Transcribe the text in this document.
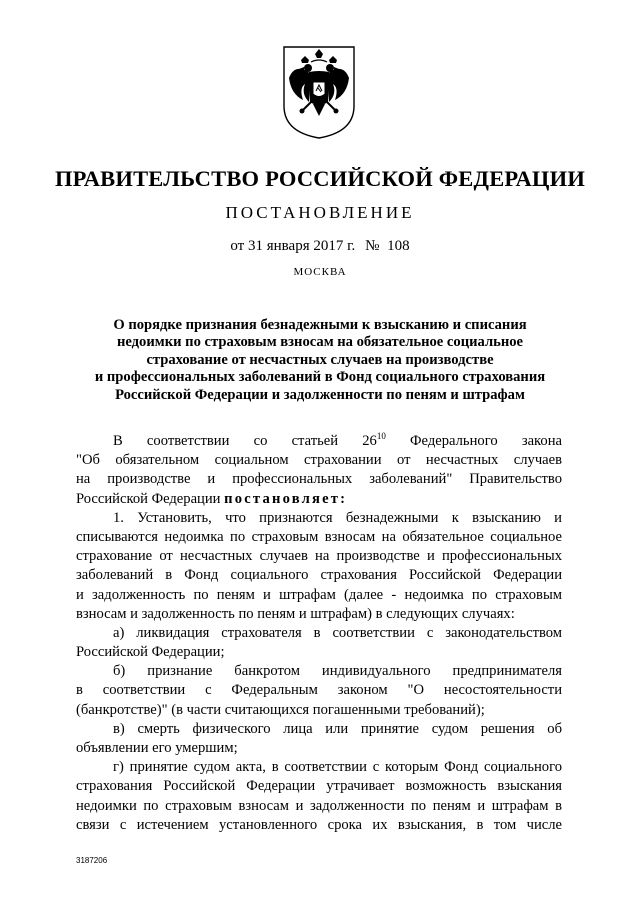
ПРАВИТЕЛЬСТВО РОССИЙСКОЙ ФЕДЕРАЦИИ
ПОСТАНОВЛЕНИЕ
от 31 января 2017 г. № 108
МОСКВА
О порядке признания безнадежными к взысканию и списания
недоимки по страховым взносам на обязательное социальное
страхование от несчастных случаев на производстве
и профессиональных заболеваний в Фонд социального страхования
Российской Федерации и задолженности по пеням и штрафам
В соответствии со статьей $26^{10}$ Федерального закона
"Об обязательном социальном страховании от несчастных случаев
на производстве и профессиональных заболеваний" Правительство
Российской Федерации постановляет:
1. Установить, что признаются безнадежными к взысканию и
списываются недоимка по страховым взносам на обязательное социальное
страхование от несчастных случаев на производстве и профессиональных
заболеваний в Фонд социального страхования Российской Федерации
и задолженность по пеням и штрафам (далее - недоимка по страховым
взносам и задолженность по пеням и штрафам) в следующих случаях:
а) ликвидация страхователя в соответствии с законодательством
Российской Федерации;
б) признание банкротом индивидуального предпринимателя
в соответствии с Федеральным законом "О несостоятельности
(банкротстве)" (в части считающихся погашенными требований);
в) смерть физического лица или принятие судом решения об
объявлении его умершим;
г) принятие судом акта, в соответствии с которым Фонд социального
страхования Российской Федерации утрачивает возможность взыскания
недоимки по страховым взносам и задолженности по пеням и штрафам в
связи с истечением установленного срока их взыскания, в том числе
3187206
